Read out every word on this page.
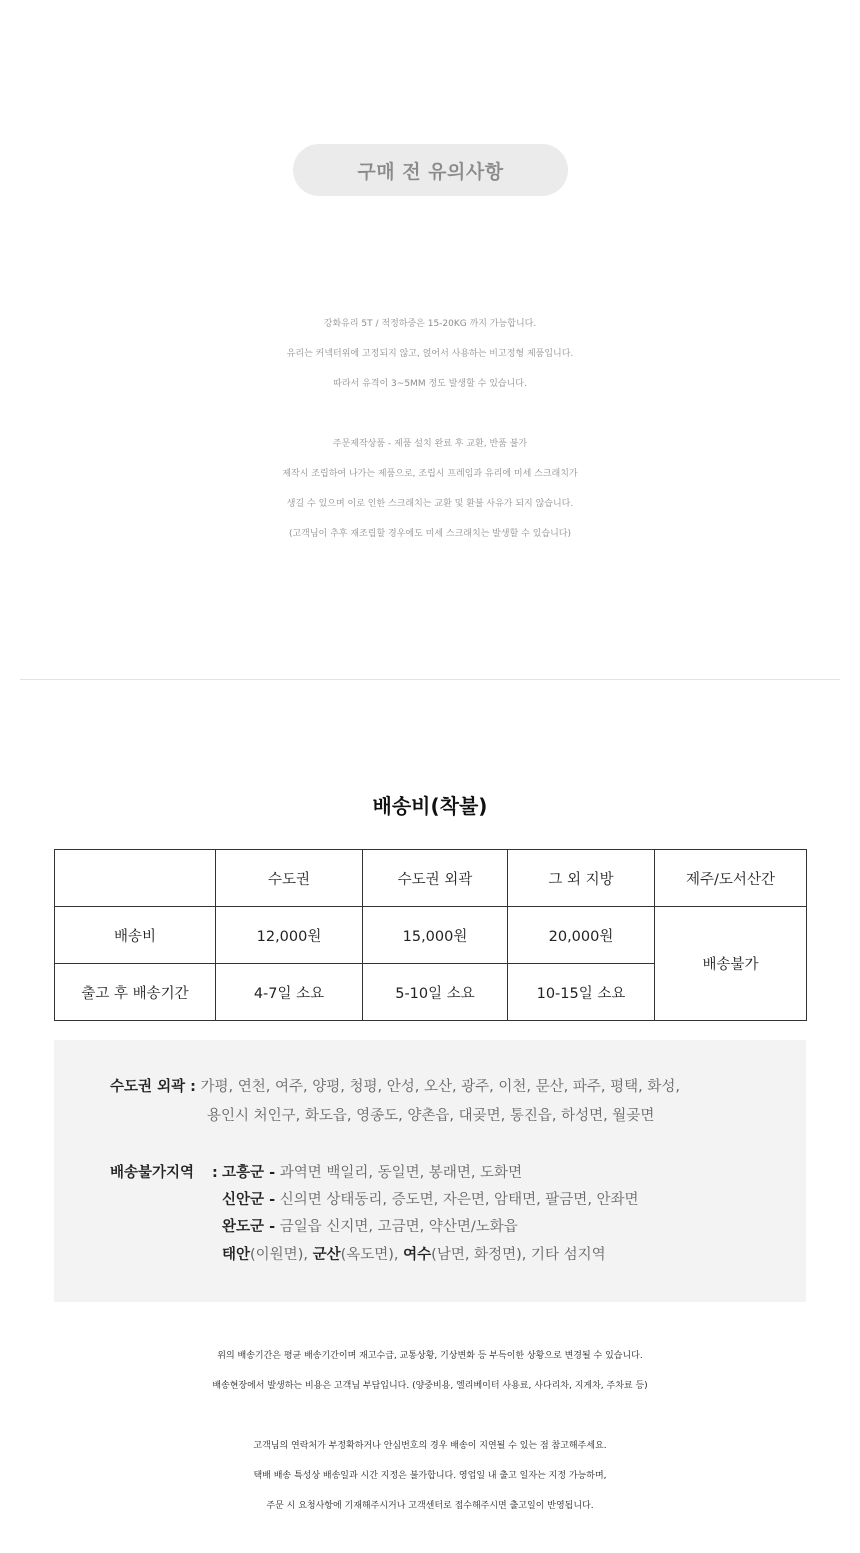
구매 전 유의사항

강화유리 5T / 적정하중은 15-20KG 까지 가능합니다.

유리는 커넥터위에 고정되지 않고, 얹어서 사용하는 비고정형 제품입니다.

따라서 유격이 3~5MM 정도 발생할 수 있습니다.

주문제작상품 - 제품 설치 완료 후 교환, 반품 불가

제작시 조립하여 나가는 제품으로, 조립시 프레임과 유리에 미세 스크래치가

생길 수 있으며 이로 인한 스크래치는 교환 및 환불 사유가 되지 않습니다.

(고객님이 추후 재조립할 경우에도 미세 스크래치는 발생할 수 있습니다)

배송비(착불)
	수도권	수도권 외곽	그 외 지방	제주/도서산간
배송비	12,000원	15,000원	20,000원	배송불가
출고 후 배송기간	4-7일 소요	5-10일 소요	10-15일 소요	
수도권 외곽 : 가평, 연천, 여주, 양평, 청평, 안성, 오산, 광주, 이천, 문산, 파주, 평택, 화성,
용인시 처인구, 화도읍, 영종도, 양촌읍, 대곶면, 통진읍, 하성면, 월곶면
배송불가지역 : 고흥군 - 과역면 백일리, 동일면, 봉래면, 도화면
신안군 - 신의면 상태동리, 증도면, 자은면, 암태면, 팔금면, 안좌면
완도군 - 금일읍 신지면, 고금면, 약산면/노화읍
태안(이원면), 군산(옥도면), 여수(남면, 화정면), 기타 섬지역

위의 배송기간은 평균 배송기간이며 재고수급, 교통상황, 기상변화 등 부득이한 상황으로 변경될 수 있습니다.

배송현장에서 발생하는 비용은 고객님 부담입니다. (양중비용, 엘리베이터 사용료, 사다리차, 지게차, 주차료 등)

고객님의 연락처가 부정확하거나 안심번호의 경우 배송이 지연될 수 있는 점 참고해주세요.

택배 배송 특성상 배송일과 시간 지정은 불가합니다. 영업일 내 출고 일자는 지정 가능하며,

주문 시 요청사항에 기재해주시거나 고객센터로 접수해주시면 출고일이 반영됩니다.
